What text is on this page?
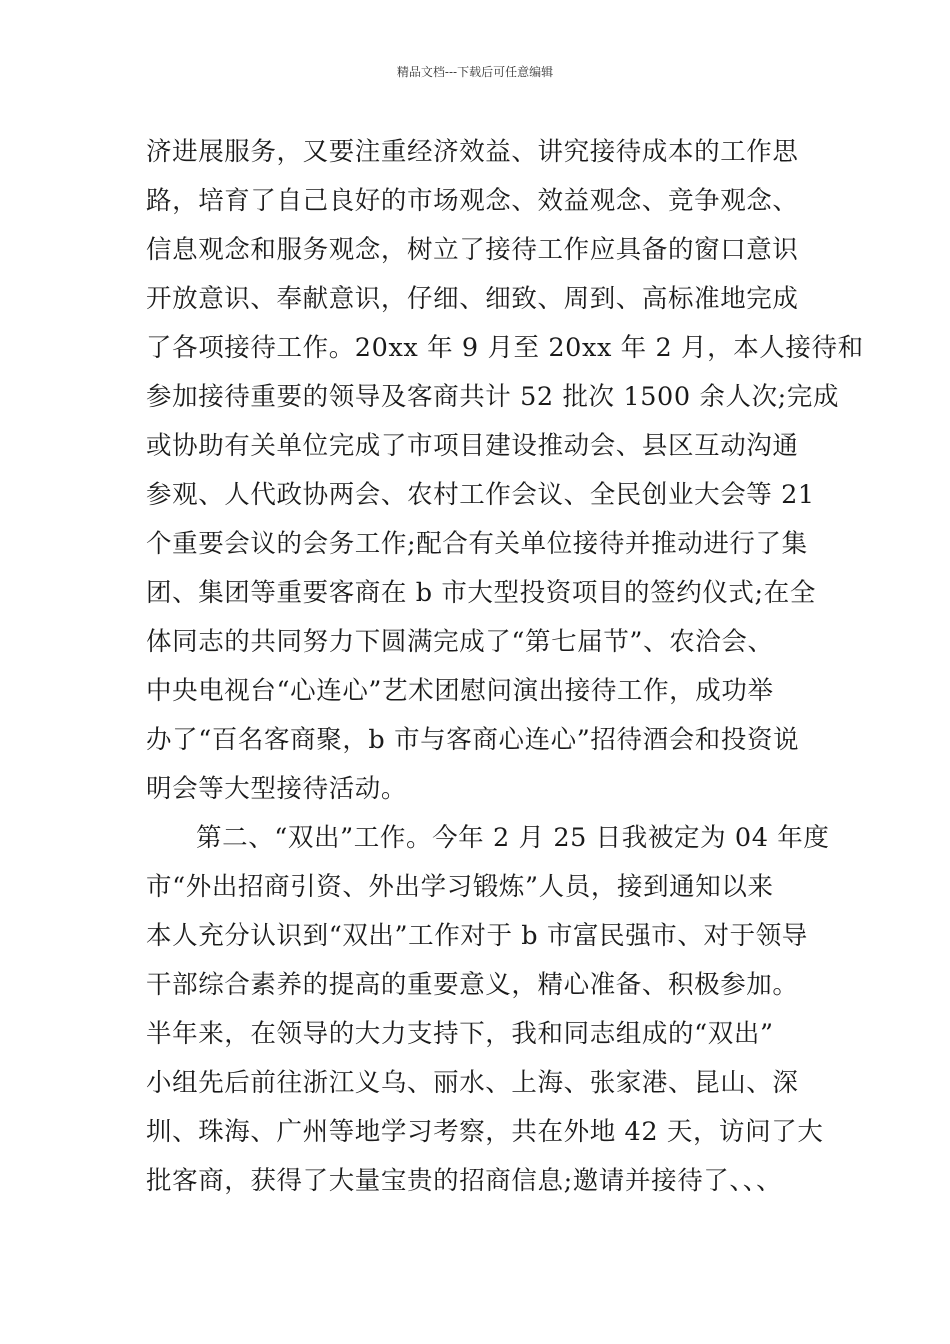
精品文档---下载后可任意编辑
济进展服务，又要注重经济效益、讲究接待成本的工作思
路，培育了自己良好的市场观念、效益观念、竞争观念、
信息观念和服务观念，树立了接待工作应具备的窗口意识
开放意识、奉献意识，仔细、细致、周到、高标准地完成
了各项接待工作。20xx 年 9 月至 20xx 年 2 月，本人接待和
参加接待重要的领导及客商共计 52 批次 1500 余人次;完成
或协助有关单位完成了市项目建设推动会、县区互动沟通
参观、人代政协两会、农村工作会议、全民创业大会等 21
个重要会议的会务工作;配合有关单位接待并推动进行了集
团、集团等重要客商在 b 市大型投资项目的签约仪式;在全
体同志的共同努力下圆满完成了“第七届节”、农洽会、
中央电视台“心连心”艺术团慰问演出接待工作，成功举
办了“百名客商聚，b 市与客商心连心”招待酒会和投资说
明会等大型接待活动。
第二、“双出”工作。今年 2 月 25 日我被定为 04 年度
市“外出招商引资、外出学习锻炼”人员，接到通知以来
本人充分认识到“双出”工作对于 b 市富民强市、对于领导
干部综合素养的提高的重要意义，精心准备、积极参加。
半年来，在领导的大力支持下，我和同志组成的“双出”
小组先后前往浙江义乌、丽水、上海、张家港、昆山、深
圳、珠海、广州等地学习考察，共在外地 42 天，访问了大
批客商，获得了大量宝贵的招商信息;邀请并接待了、、、
